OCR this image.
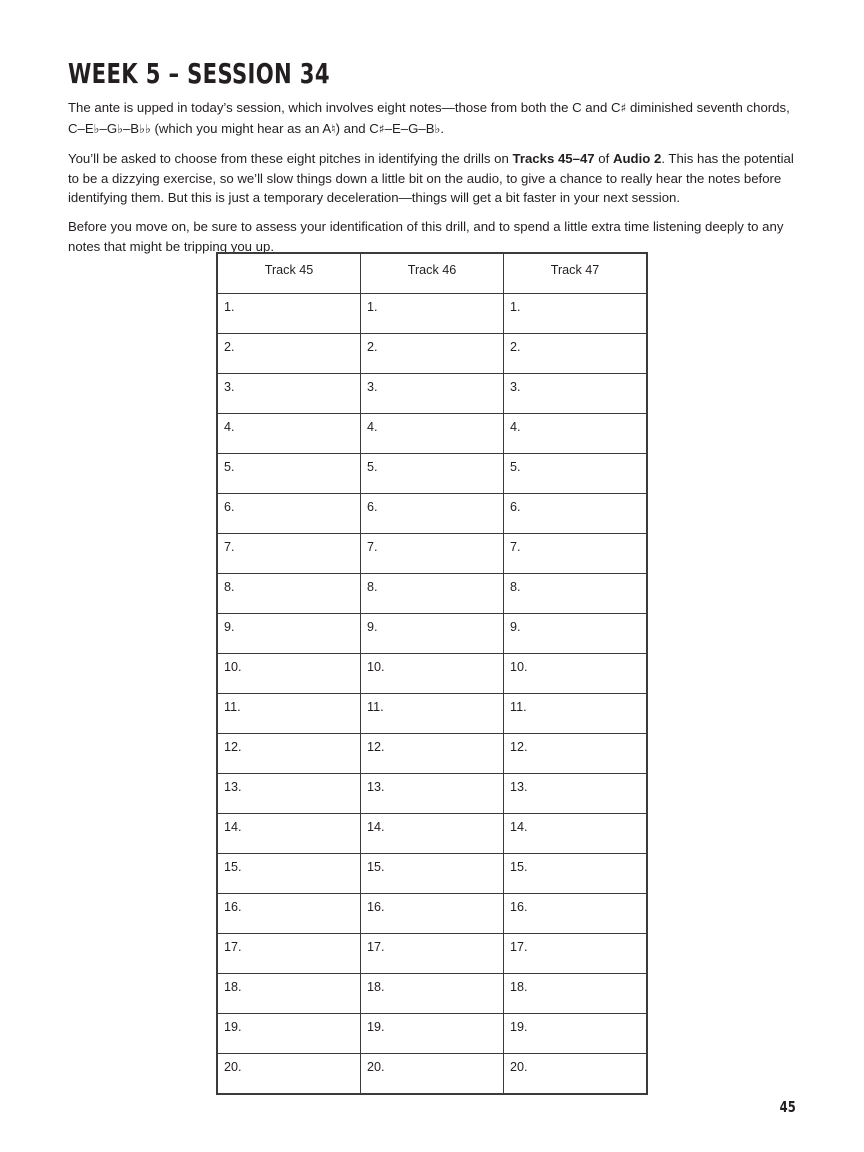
WEEK 5 – SESSION 34

The ante is upped in today’s session, which involves eight notes—those from both the C and C♯ diminished seventh chords, C–E♭–G♭–B♭♭ (which you might hear as an A♮) and C♯–E–G–B♭.

You’ll be asked to choose from these eight pitches in identifying the drills on Tracks 45–47 of Audio 2. This has the potential to be a dizzying exercise, so we’ll slow things down a little bit on the audio, to give a chance to really hear the notes before identifying them. But this is just a temporary deceleration—things will get a bit faster in your next session.

Before you move on, be sure to assess your identification of this drill, and to spend a little extra time listening deeply to any notes that might be tripping you up.

Track 45	Track 46	Track 47
1.	1.	1.
2.	2.	2.
3.	3.	3.
4.	4.	4.
5.	5.	5.
6.	6.	6.
7.	7.	7.
8.	8.	8.
9.	9.	9.
10.	10.	10.
11.	11.	11.
12.	12.	12.
13.	13.	13.
14.	14.	14.
15.	15.	15.
16.	16.	16.
17.	17.	17.
18.	18.	18.
19.	19.	19.
20.	20.	20.
45
